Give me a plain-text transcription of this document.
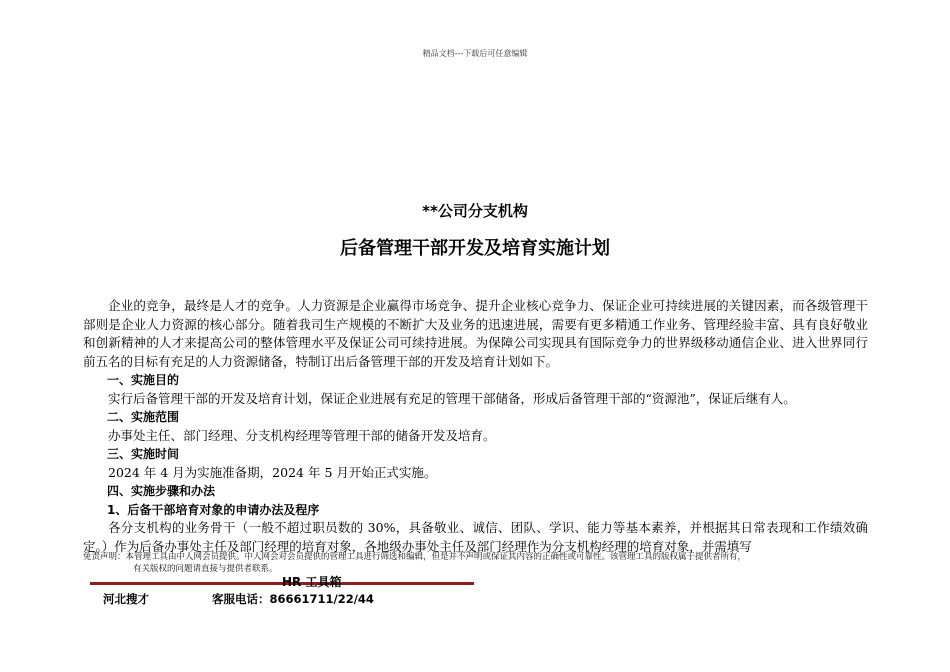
精品文档---下载后可任意编辑
**公司分支机构
后备管理干部开发及培育实施计划

企业的竞争，最终是人才的竞争。人力资源是企业赢得市场竞争、提升企业核心竞争力、保证企业可持续进展的关键因素，而各级管理干部则是企业人力资源的核心部分。随着我司生产规模的不断扩大及业务的迅速进展，需要有更多精通工作业务、管理经验丰富、具有良好敬业和创新精神的人才来提高公司的整体管理水平及保证公司可续持进展。为保障公司实现具有国际竞争力的世界级移动通信企业、进入世界同行前五名的目标有充足的人力资源储备，特制订出后备管理干部的开发及培育计划如下。

一、实施目的

实行后备管理干部的开发及培育计划，保证企业进展有充足的管理干部储备，形成后备管理干部的“资源池”，保证后继有人。

二、实施范围

办事处主任、部门经理、分支机构经理等管理干部的储备开发及培育。

三、实施时间

2024 年 4 月为实施准备期，2024 年 5 月开始正式实施。

四、实施步骤和办法

1、后备干部培育对象的申请办法及程序

各分支机构的业务骨干（一般不超过职员数的 30%，具备敬业、诚信、团队、学识、能力等基本素养，并根据其日常表现和工作绩效确定。）作为后备办事处主任及部门经理的培育对象，各地级办事处主任及部门经理作为分支机构经理的培育对象，并需填写

免责声明：本管理工具由中人网会员提供。中人网会对会员提供的管理工具进行筛选和编辑，但是并不声明或保证其内容的正确性或可靠性。该管理工具的版权属于提供者所有，
有关版权的问题请直接与提供者联系。
HR 工具箱
河北搜才	客服电话：86661711/22/44
